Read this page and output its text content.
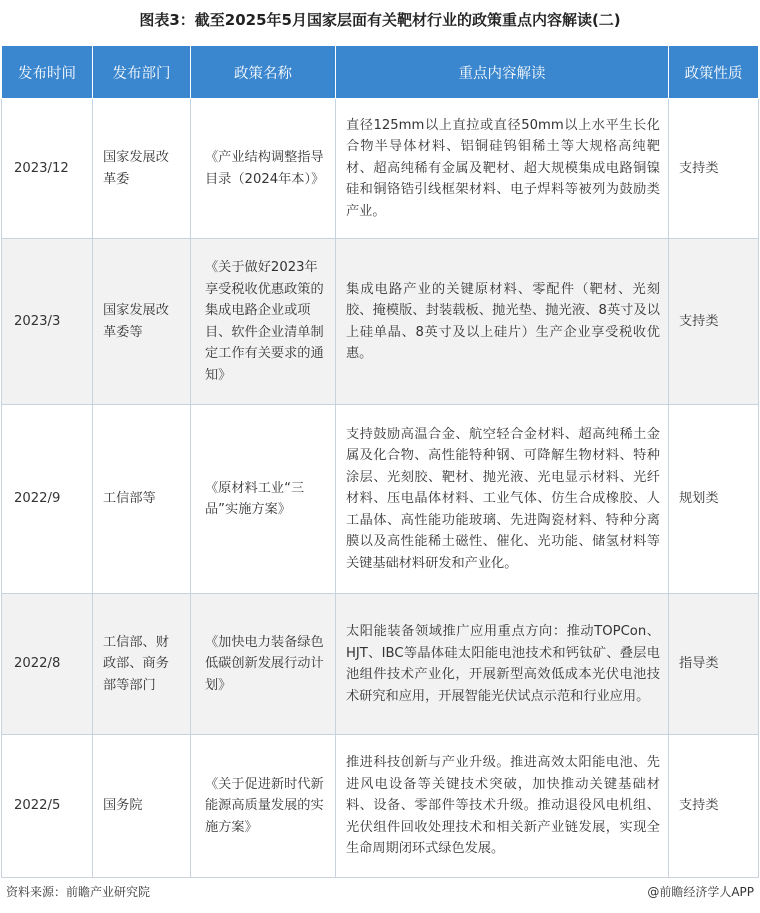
图表3：截至2025年5月国家层面有关靶材行业的政策重点内容解读(二)
发布时间	发布部门	政策名称	重点内容解读	政策性质
2023/12	国家发展改革委	《产业结构调整指导目录（2024年本）》	直径125mm以上直拉或直径50mm以上水平生长化合物半导体材料、铝铜硅钨钼稀土等大规格高纯靶材、超高纯稀有金属及靶材、超大规模集成电路铜镍硅和铜铬锆引线框架材料、电子焊料等被列为鼓励类产业。	支持类
2023/3	国家发展改革委等	《关于做好2023年享受税收优惠政策的集成电路企业或项目、软件企业清单制定工作有关要求的通知》	集成电路产业的关键原材料、零配件（靶材、光刻胶、掩模版、封装载板、抛光垫、抛光液、8英寸及以上硅单晶、8英寸及以上硅片）生产企业享受税收优惠。	支持类
2022/9	工信部等	《原材料工业“三品”实施方案》	支持鼓励高温合金、航空轻合金材料、超高纯稀土金属及化合物、高性能特种钢、可降解生物材料、特种涂层、光刻胶、靶材、抛光液、光电显示材料、光纤材料、压电晶体材料、工业气体、仿生合成橡胶、人工晶体、高性能功能玻璃、先进陶瓷材料、特种分离膜以及高性能稀土磁性、催化、光功能、储氢材料等关键基础材料研发和产业化。	规划类
2022/8	工信部、财政部、商务部等部门	《加快电力装备绿色低碳创新发展行动计划》	太阳能装备领域推广应用重点方向：推动TOPCon、HJT、IBC等晶体硅太阳能电池技术和钙钛矿、叠层电池组件技术产业化，开展新型高效低成本光伏电池技术研究和应用，开展智能光伏试点示范和行业应用。	指导类
2022/5	国务院	《关于促进新时代新能源高质量发展的实施方案》	推进科技创新与产业升级。推进高效太阳能电池、先进风电设备等关键技术突破，加快推动关键基础材料、设备、零部件等技术升级。推动退役风电机组、光伏组件回收处理技术和相关新产业链发展，实现全生命周期闭环式绿色发展。	支持类
资料来源：前瞻产业研究院	@前瞻经济学人APP
